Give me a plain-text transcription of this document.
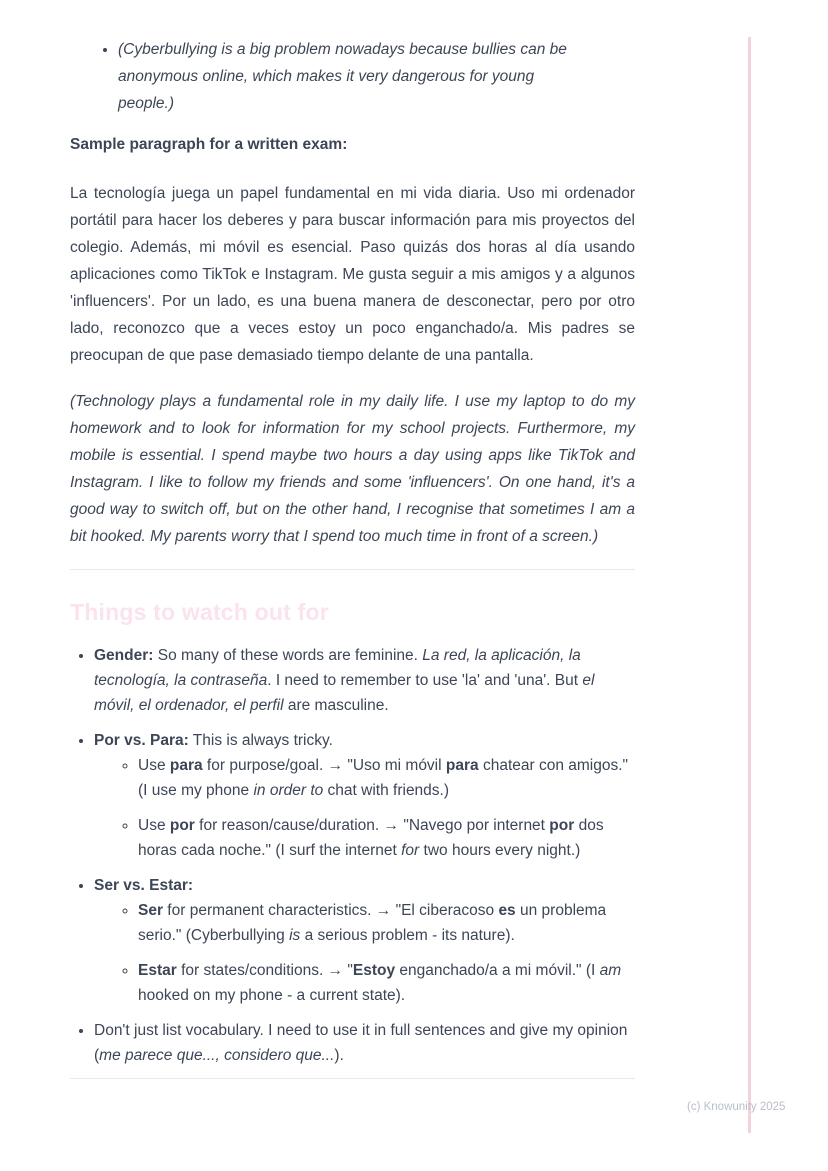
• (Cyberbullying is a big problem nowadays because bullies can be anonymous online, which makes it very dangerous for young people.)

Sample paragraph for a written exam:

La tecnología juega un papel fundamental en mi vida diaria. Uso mi ordenador portátil para hacer los deberes y para buscar información para mis proyectos del colegio. Además, mi móvil es esencial. Paso quizás dos horas al día usando aplicaciones como TikTok e Instagram. Me gusta seguir a mis amigos y a algunos 'influencers'. Por un lado, es una buena manera de desconectar, pero por otro lado, reconozco que a veces estoy un poco enganchado/a. Mis padres se preocupan de que pase demasiado tiempo delante de una pantalla.

(Technology plays a fundamental role in my daily life. I use my laptop to do my homework and to look for information for my school projects. Furthermore, my mobile is essential. I spend maybe two hours a day using apps like TikTok and Instagram. I like to follow my friends and some 'influencers'. On one hand, it's a good way to switch off, but on the other hand, I recognise that sometimes I am a bit hooked. My parents worry that I spend too much time in front of a screen.)

Things to watch out for
• Gender: So many of these words are feminine. La red, la aplicación, la tecnología, la contraseña. I need to remember to use 'la' and 'una'. But el móvil, el ordenador, el perfil are masculine.
• Por vs. Para: This is always tricky.
◦ Use para for purpose/goal. → "Uso mi móvil para chatear con amigos." (I use my phone in order to chat with friends.)
◦ Use por for reason/cause/duration. → "Navego por internet por dos horas cada noche." (I surf the internet for two hours every night.)
• Ser vs. Estar:
◦ Ser for permanent characteristics. → "El ciberacoso es un problema serio." (Cyberbullying is a serious problem - its nature).
◦ Estar for states/conditions. → "Estoy enganchado/a a mi móvil." (I am hooked on my phone - a current state).
• Don't just list vocabulary. I need to use it in full sentences and give my opinion (me parece que..., considero que...).
(c) Knowunity 2025
